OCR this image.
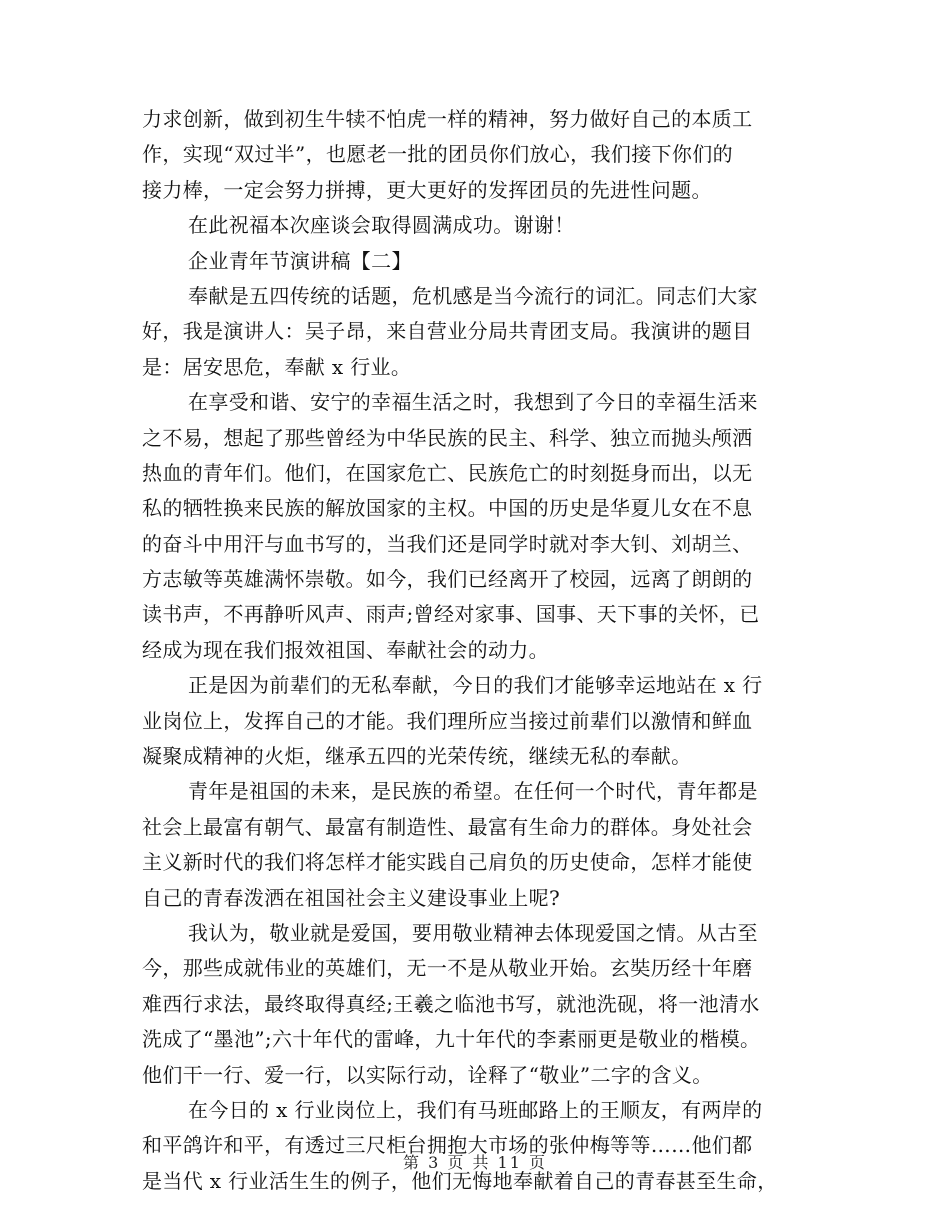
力求创新，做到初生牛犊不怕虎一样的精神，努力做好自己的本质工
作，实现“双过半”，也愿老一批的团员你们放心，我们接下你们的
接力棒，一定会努力拼搏，更大更好的发挥团员的先进性问题。
在此祝福本次座谈会取得圆满成功。谢谢！
企业青年节演讲稿【二】
奉献是五四传统的话题，危机感是当今流行的词汇。同志们大家
好，我是演讲人：吴子昂，来自营业分局共青团支局。我演讲的题目
是：居安思危，奉献 x 行业。
在享受和谐、安宁的幸福生活之时，我想到了今日的幸福生活来
之不易，想起了那些曾经为中华民族的民主、科学、独立而抛头颅洒
热血的青年们。他们，在国家危亡、民族危亡的时刻挺身而出，以无
私的牺牲换来民族的解放国家的主权。中国的历史是华夏儿女在不息
的奋斗中用汗与血书写的，当我们还是同学时就对李大钊、刘胡兰、
方志敏等英雄满怀崇敬。如今，我们已经离开了校园，远离了朗朗的
读书声，不再静听风声、雨声;曾经对家事、国事、天下事的关怀，已
经成为现在我们报效祖国、奉献社会的动力。
正是因为前辈们的无私奉献，今日的我们才能够幸运地站在 x 行
业岗位上，发挥自己的才能。我们理所应当接过前辈们以激情和鲜血
凝聚成精神的火炬，继承五四的光荣传统，继续无私的奉献。
青年是祖国的未来，是民族的希望。在任何一个时代，青年都是
社会上最富有朝气、最富有制造性、最富有生命力的群体。身处社会
主义新时代的我们将怎样才能实践自己肩负的历史使命，怎样才能使
自己的青春泼洒在祖国社会主义建设事业上呢?
我认为，敬业就是爱国，要用敬业精神去体现爱国之情。从古至
今，那些成就伟业的英雄们，无一不是从敬业开始。玄奘历经十年磨
难西行求法，最终取得真经;王羲之临池书写，就池洗砚，将一池清水
洗成了“墨池”;六十年代的雷峰，九十年代的李素丽更是敬业的楷模。
他们干一行、爱一行，以实际行动，诠释了“敬业”二字的含义。
在今日的 x 行业岗位上，我们有马班邮路上的王顺友，有两岸的
和平鸽许和平，有透过三尺柜台拥抱大市场的张仲梅等等……他们都
是当代 x 行业活生生的例子，他们无悔地奉献着自己的青春甚至生命，
第 3 页 共 11 页
